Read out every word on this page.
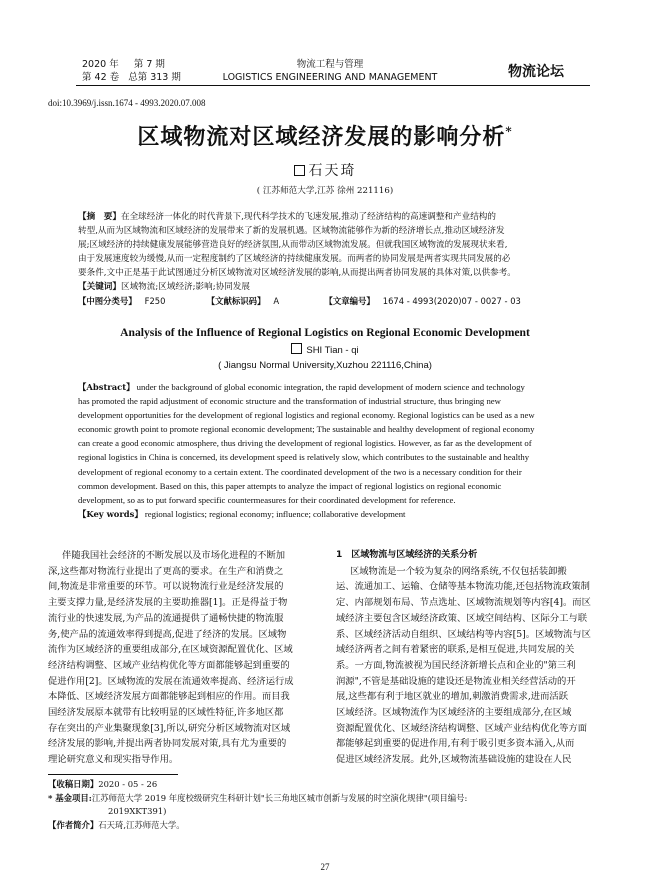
2020 年 第 7 期
第 42 卷 总第 313 期
物流工程与管理
LOGISTICS ENGINEERING AND MANAGEMENT	物流论坛
doi:10.3969/j.issn.1674 - 4993.2020.07.008
区域物流对区域经济发展的影响分析*
石天琦
( 江苏师范大学,江苏 徐州 221116)
【摘　要】在全球经济一体化的时代背景下,现代科学技术的飞速发展,推动了经济结构的高速调整和产业结构的
转型,从而为区域物流和区域经济的发展带来了新的发展机遇。区域物流能够作为新的经济增长点,推动区域经济发
展;区域经济的持续健康发展能够营造良好的经济氛围,从而带动区域物流发展。但就我国区域物流的发展现状来看,
由于发展速度较为缓慢,从而一定程度制约了区域经济的持续健康发展。而两者的协同发展是两者实现共同发展的必
要条件,文中正是基于此试图通过分析区域物流对区域经济发展的影响,从而提出两者协同发展的具体对策,以供参考。
【关键词】区域物流;区域经济;影响;协同发展
【中图分类号】 F250	【文献标识码】 A	【文章编号】 1674 - 4993(2020)07 - 0027 - 03
Analysis of the Influence of Regional Logistics on Regional Economic Development
SHI Tian - qi
( Jiangsu Normal University,Xuzhou 221116,China)
【Abstract】 under the background of global economic integration, the rapid development of modern science and technology
has promoted the rapid adjustment of economic structure and the transformation of industrial structure, thus bringing new
development opportunities for the development of regional logistics and regional economy. Regional logistics can be used as a new
economic growth point to promote regional economic development; The sustainable and healthy development of regional economy
can create a good economic atmosphere, thus driving the development of regional logistics. However, as far as the development of
regional logistics in China is concerned, its development speed is relatively slow, which contributes to the sustainable and healthy
development of regional economy to a certain extent. The coordinated development of the two is a necessary condition for their
common development. Based on this, this paper attempts to analyze the impact of regional logistics on regional economic
development, so as to put forward specific countermeasures for their coordinated development for reference.
【Key words】 regional logistics; regional economy; influence; collaborative development
伴随我国社会经济的不断发展以及市场化进程的不断加
深,这些都对物流行业提出了更高的要求。在生产和消费之
间,物流是非常重要的环节。可以说物流行业是经济发展的
主要支撑力量,是经济发展的主要助推器[1]。正是得益于物
流行业的快速发展,为产品的流通提供了通畅快捷的物流服
务,使产品的流通效率得到提高,促进了经济的发展。区域物
流作为区域经济的重要组成部分,在区域资源配置优化、区域
经济结构调整、区域产业结构优化等方面都能够起到重要的
促进作用[2]。区域物流的发展在流通效率提高、经济运行成
本降低、区域经济发展方面都能够起到相应的作用。而目我
国经济发展原本就带有比较明显的区域性特征,许多地区都
存在突出的产业集聚现象[3],所以,研究分析区域物流对区域
经济发展的影响,并提出两者协同发展对策,具有尤为重要的
理论研究意义和现实指导作用。
1　区域物流与区域经济的关系分析
区域物流是一个较为复杂的网络系统,不仅包括装卸搬
运、流通加工、运输、仓储等基本物流功能,还包括物流政策制
定、内部规划布局、节点选址、区域物流规划等内容[4]。而区
域经济主要包含区域经济政策、区域空间结构、区际分工与联
系、区域经济活动自组织、区域结构等内容[5]。区域物流与区
域经济两者之间有着紧密的联系,是相互促进,共同发展的关
系。一方面,物流被视为国民经济新增长点和企业的"第三利
润源",不管是基础设施的建设还是物流业相关经营活动的开
展,这些都有利于地区就业的增加,刺激消费需求,进而活跃
区域经济。区域物流作为区域经济的主要组成部分,在区域
资源配置优化、区域经济结构调整、区域产业结构优化等方面
都能够起到重要的促进作用,有利于吸引更多资本涌入,从而
促进区域经济发展。此外,区域物流基础设施的建设在人民
【收稿日期】2020 - 05 - 26
* 基金项目:江苏师范大学 2019 年度校级研究生科研计划"长三角地区城市创新与发展的时空演化规律"(项目编号:
2019XKT391)
【作者简介】石天琦,江苏师范大学。
27
